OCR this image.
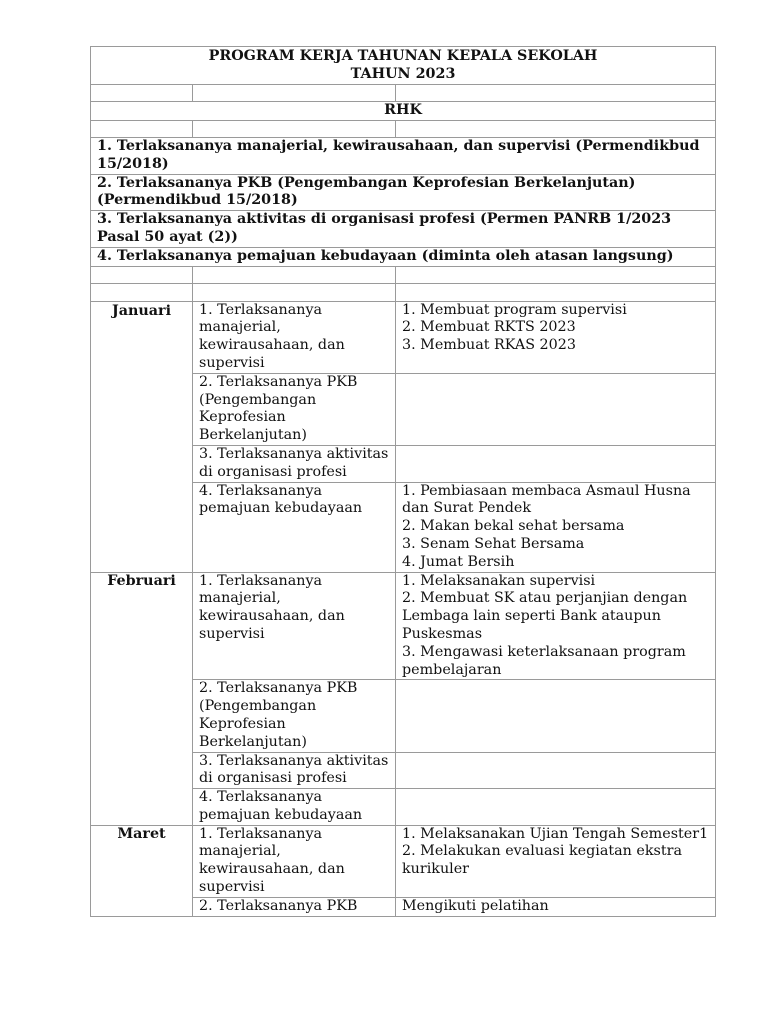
PROGRAM KERJA TAHUNAN KEPALA SEKOLAH
TAHUN 2023		

RHK		

1. Terlaksananya manajerial, kewirausahaan, dan supervisi (Permendikbud 15/2018)		
2. Terlaksananya PKB (Pengembangan Keprofesian Berkelanjutan) (Permendikbud 15/2018)		
3. Terlaksananya aktivitas di organisasi profesi (Permen PANRB 1/2023 Pasal 50 ayat (2))		
4. Terlaksananya pemajuan kebudayaan (diminta oleh atasan langsung)		

Januari	1. Terlaksananya manajerial, kewirausahaan, dan supervisi	1. Membuat program supervisi
2. Membuat RKTS 2023
3. Membuat RKAS 2023

	2. Terlaksananya PKB (Pengembangan Keprofesian Berkelanjutan)	
	3. Terlaksananya aktivitas di organisasi profesi	
	4. Terlaksananya pemajuan kebudayaan	1. Pembiasaan membaca Asmaul Husna dan Surat Pendek
2. Makan bekal sehat bersama
3. Senam Sehat Bersama
4. Jumat Bersih

Februari	1. Terlaksananya manajerial, kewirausahaan, dan supervisi	1. Melaksanakan supervisi
2. Membuat SK atau perjanjian dengan Lembaga lain seperti Bank ataupun Puskesmas
3. Mengawasi keterlaksanaan program pembelajaran

	2. Terlaksananya PKB (Pengembangan Keprofesian Berkelanjutan)	
	3. Terlaksananya aktivitas di organisasi profesi	
	4. Terlaksananya pemajuan kebudayaan	
Maret	1. Terlaksananya manajerial, kewirausahaan, dan supervisi	1. Melaksanakan Ujian Tengah Semester1
2. Melakukan evaluasi kegiatan ekstra kurikuler

	2. Terlaksananya PKB	Mengikuti pelatihan
